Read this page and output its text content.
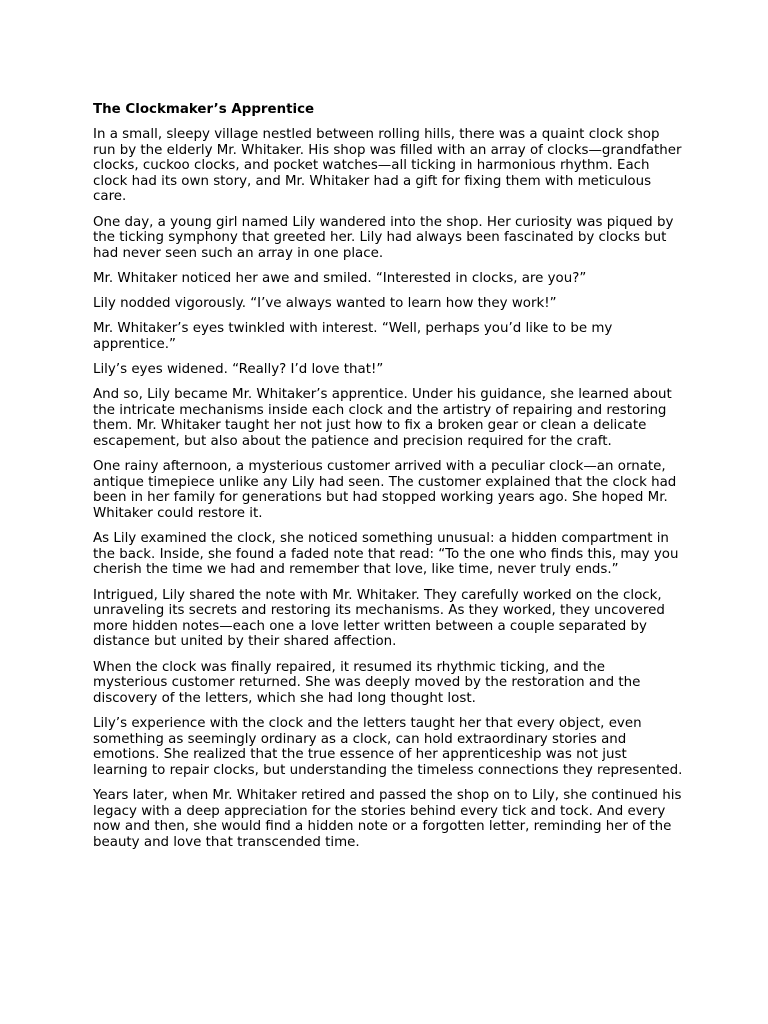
The Clockmaker’s Apprentice

In a small, sleepy village nestled between rolling hills, there was a quaint clock shop run by the elderly Mr. Whitaker. His shop was filled with an array of clocks—grandfather clocks, cuckoo clocks, and pocket watches—all ticking in harmonious rhythm. Each clock had its own story, and Mr. Whitaker had a gift for fixing them with meticulous care.

One day, a young girl named Lily wandered into the shop. Her curiosity was piqued by the ticking symphony that greeted her. Lily had always been fascinated by clocks but had never seen such an array in one place.

Mr. Whitaker noticed her awe and smiled. “Interested in clocks, are you?”

Lily nodded vigorously. “I’ve always wanted to learn how they work!”

Mr. Whitaker’s eyes twinkled with interest. “Well, perhaps you’d like to be my apprentice.”

Lily’s eyes widened. “Really? I’d love that!”

And so, Lily became Mr. Whitaker’s apprentice. Under his guidance, she learned about the intricate mechanisms inside each clock and the artistry of repairing and restoring them. Mr. Whitaker taught her not just how to fix a broken gear or clean a delicate escapement, but also about the patience and precision required for the craft.

One rainy afternoon, a mysterious customer arrived with a peculiar clock—an ornate, antique timepiece unlike any Lily had seen. The customer explained that the clock had been in her family for generations but had stopped working years ago. She hoped Mr. Whitaker could restore it.

As Lily examined the clock, she noticed something unusual: a hidden compartment in the back. Inside, she found a faded note that read: “To the one who finds this, may you cherish the time we had and remember that love, like time, never truly ends.”

Intrigued, Lily shared the note with Mr. Whitaker. They carefully worked on the clock, unraveling its secrets and restoring its mechanisms. As they worked, they uncovered more hidden notes—each one a love letter written between a couple separated by distance but united by their shared affection.

When the clock was finally repaired, it resumed its rhythmic ticking, and the mysterious customer returned. She was deeply moved by the restoration and the discovery of the letters, which she had long thought lost.

Lily’s experience with the clock and the letters taught her that every object, even something as seemingly ordinary as a clock, can hold extraordinary stories and emotions. She realized that the true essence of her apprenticeship was not just learning to repair clocks, but understanding the timeless connections they represented.

Years later, when Mr. Whitaker retired and passed the shop on to Lily, she continued his legacy with a deep appreciation for the stories behind every tick and tock. And every now and then, she would find a hidden note or a forgotten letter, reminding her of the beauty and love that transcended time.
